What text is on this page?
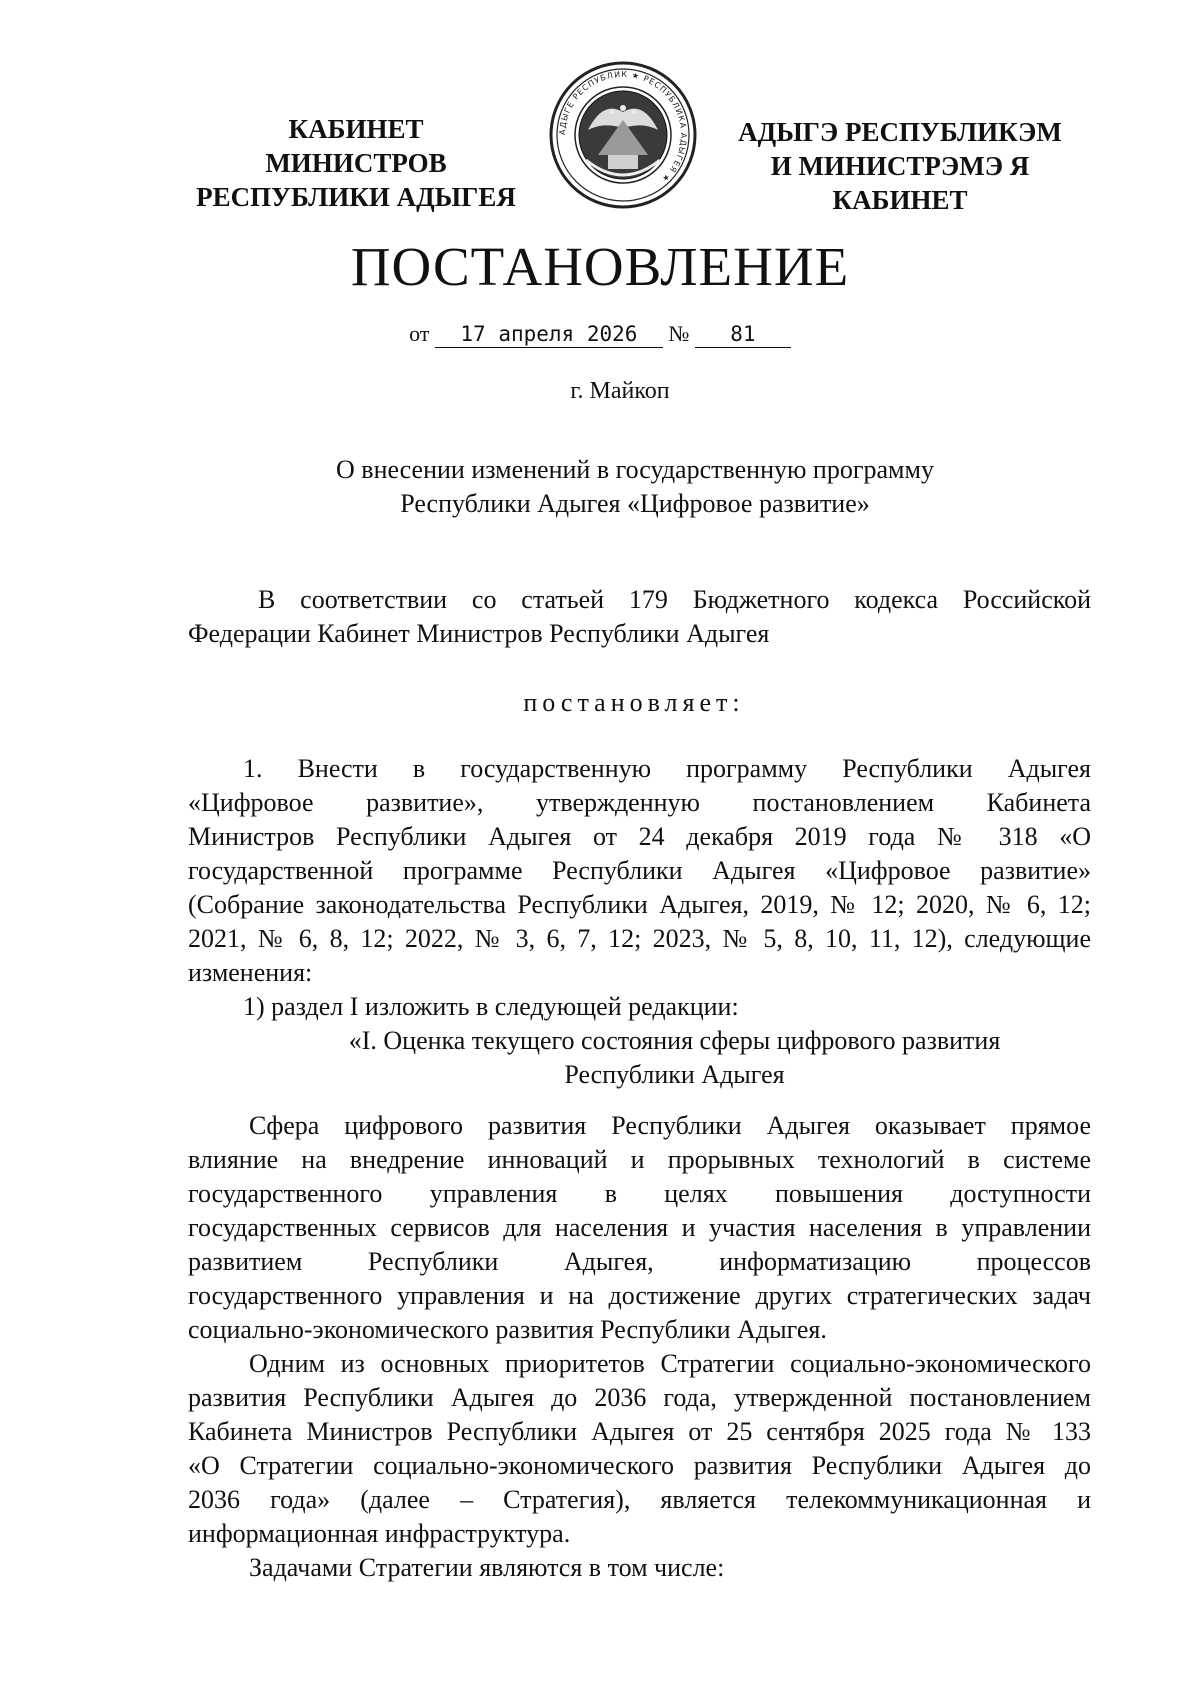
КАБИНЕТ МИНИСТРОВ
РЕСПУБЛИКИ АДЫГЕЯ
АДЫГЕ РЕСПУБЛИК ★ РЕСПУБЛИКА АДЫГЕЯ ★
АДЫГЭ РЕСПУБЛИКЭМ
И МИНИСТРЭМЭ Я КАБИНЕТ
ПОСТАНОВЛЕНИЕ
от 17 апреля 2026 № 81
г. Майкоп
О внесении изменений в государственную программу
Республики Адыгея «Цифровое развитие»

В соответствии со статьей 179 Бюджетного кодекса Российской

Федерации Кабинет Министров Республики Адыгея

постановляет:

1. Внести в государственную программу Республики Адыгея

«Цифровое развитие», утвержденную постановлением Кабинета

Министров Республики Адыгея от 24 декабря 2019 года № 318 «О

государственной программе Республики Адыгея «Цифровое развитие»

(Собрание законодательства Республики Адыгея, 2019, № 12; 2020, № 6, 12;

2021, № 6, 8, 12; 2022, № 3, 6, 7, 12; 2023, № 5, 8, 10, 11, 12), следующие

изменения:

1) раздел I изложить в следующей редакции:

«I. Оценка текущего состояния сферы цифрового развития

Республики Адыгея

Сфера цифрового развития Республики Адыгея оказывает прямое

влияние на внедрение инноваций и прорывных технологий в системе

государственного управления в целях повышения доступности

государственных сервисов для населения и участия населения в управлении

развитием Республики Адыгея, информатизацию процессов

государственного управления и на достижение других стратегических задач

социально-экономического развития Республики Адыгея.

Одним из основных приоритетов Стратегии социально-экономического

развития Республики Адыгея до 2036 года, утвержденной постановлением

Кабинета Министров Республики Адыгея от 25 сентября 2025 года № 133

«О Стратегии социально-экономического развития Республики Адыгея до

2036 года» (далее – Стратегия), является телекоммуникационная и

информационная инфраструктура.

Задачами Стратегии являются в том числе:
